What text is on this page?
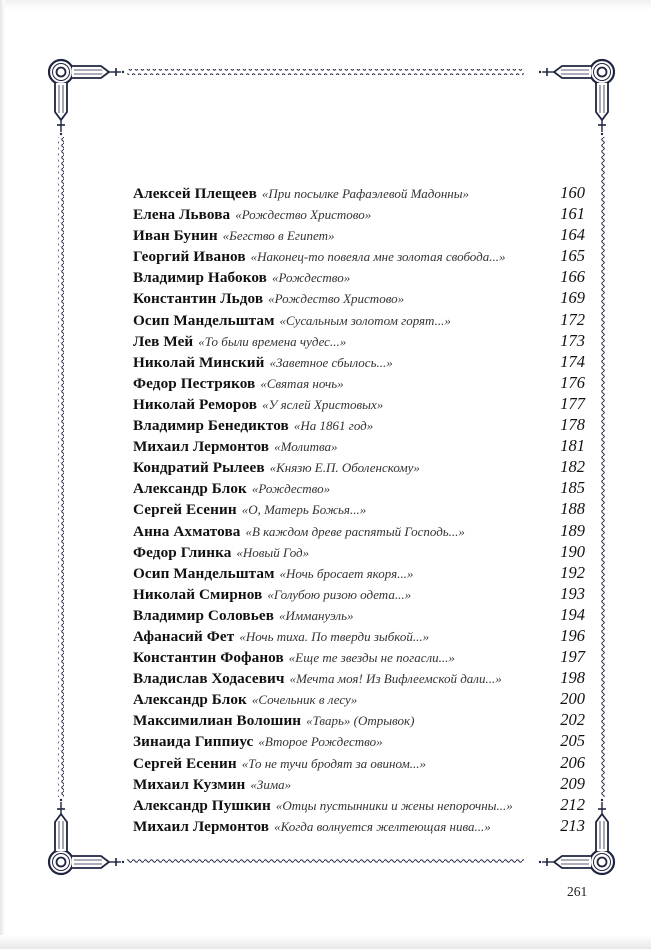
Алексей Плещеев «При посылке Рафаэлевой Мадонны»	160
Елена Львова «Рождество Христово»	161
Иван Бунин «Бегство в Египет»	164
Георгий Иванов «Наконец-то повеяла мне золотая свобода...»	165
Владимир Набоков «Рождество»	166
Константин Льдов «Рождество Христово»	169
Осип Мандельштам «Сусальным золотом горят...»	172
Лев Мей «То были времена чудес...»	173
Николай Минский «Заветное сбылось...»	174
Федор Пестряков «Святая ночь»	176
Николай Реморов «У яслей Христовых»	177
Владимир Бенедиктов «На 1861 год»	178
Михаил Лермонтов «Молитва»	181
Кондратий Рылеев «Князю Е.П. Оболенскому»	182
Александр Блок «Рождество»	185
Сергей Есенин «О, Матерь Божья...»	188
Анна Ахматова «В каждом древе распятый Господь...»	189
Федор Глинка «Новый Год»	190
Осип Мандельштам «Ночь бросает якоря...»	192
Николай Смирнов «Голубою ризою одета...»	193
Владимир Соловьев «Иммануэль»	194
Афанасий Фет «Ночь тиха. По тверди зыбкой...»	196
Константин Фофанов «Еще те звезды не погасли...»	197
Владислав Ходасевич «Мечта моя! Из Вифлеемской дали...»	198
Александр Блок «Сочельник в лесу»	200
Максимилиан Волошин «Тварь» (Отрывок)	202
Зинаида Гиппиус «Второе Рождество»	205
Сергей Есенин «То не тучи бродят за овином...»	206
Михаил Кузмин «Зима»	209
Александр Пушкин «Отцы пустынники и жены непорочны...»	212
Михаил Лермонтов «Когда волнуется желтеющая нива...»	213
261
